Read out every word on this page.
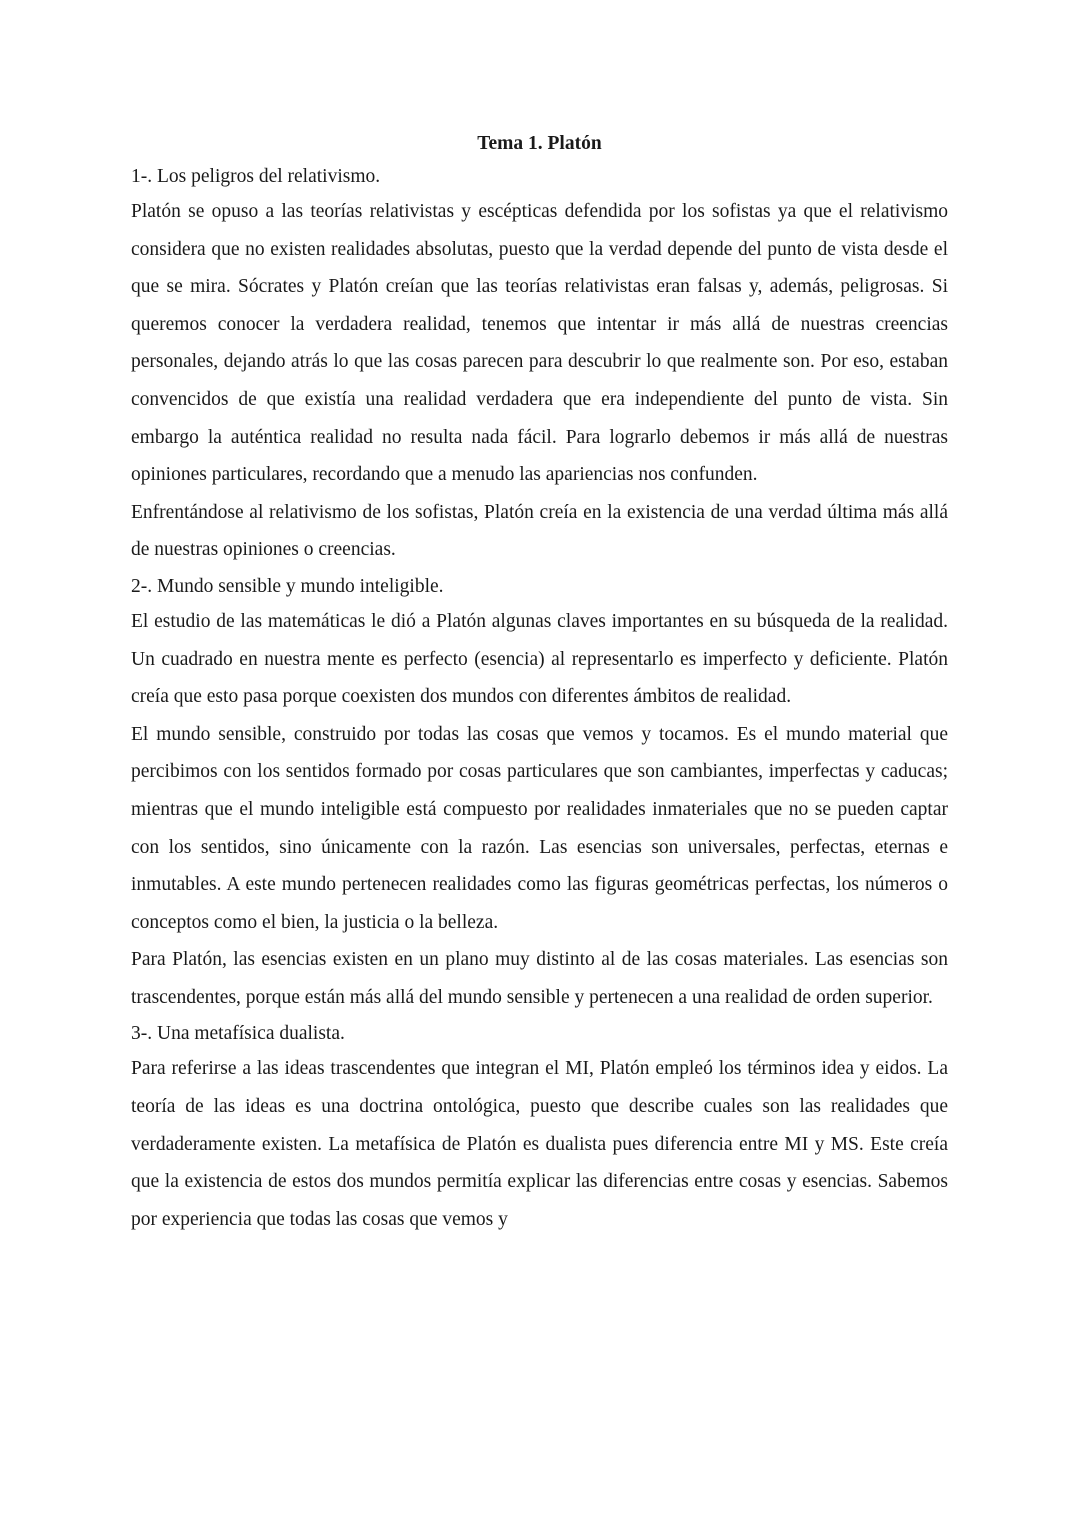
Tema 1. Platón

1-. Los peligros del relativismo.

Platón se opuso a las teorías relativistas y escépticas defendida por los sofistas ya que el relativismo considera que no existen realidades absolutas, puesto que la verdad depende del punto de vista desde el que se mira. Sócrates y Platón creían que las teorías relativistas eran falsas y, además, peligrosas. Si queremos conocer la verdadera realidad, tenemos que intentar ir más allá de nuestras creencias personales, dejando atrás lo que las cosas parecen para descubrir lo que realmente son. Por eso, estaban convencidos de que existía una realidad verdadera que era independiente del punto de vista. Sin embargo la auténtica realidad no resulta nada fácil. Para lograrlo debemos ir más allá de nuestras opiniones particulares, recordando que a menudo las apariencias nos confunden.

Enfrentándose al relativismo de los sofistas, Platón creía en la existencia de una verdad última más allá de nuestras opiniones o creencias.

2-. Mundo sensible y mundo inteligible.

El estudio de las matemáticas le dió a Platón algunas claves importantes en su búsqueda de la realidad. Un cuadrado en nuestra mente es perfecto (esencia) al representarlo es imperfecto y deficiente. Platón creía que esto pasa porque coexisten dos mundos con diferentes ámbitos de realidad.

El mundo sensible, construido por todas las cosas que vemos y tocamos. Es el mundo material que percibimos con los sentidos formado por cosas particulares que son cambiantes, imperfectas y caducas; mientras que el mundo inteligible está compuesto por realidades inmateriales que no se pueden captar con los sentidos, sino únicamente con la razón. Las esencias son universales, perfectas, eternas e inmutables. A este mundo pertenecen realidades como las figuras geométricas perfectas, los números o conceptos como el bien, la justicia o la belleza.

Para Platón, las esencias existen en un plano muy distinto al de las cosas materiales. Las esencias son trascendentes, porque están más allá del mundo sensible y pertenecen a una realidad de orden superior.

3-. Una metafísica dualista.

Para referirse a las ideas trascendentes que integran el MI, Platón empleó los términos idea y eidos. La teoría de las ideas es una doctrina ontológica, puesto que describe cuales son las realidades que verdaderamente existen. La metafísica de Platón es dualista pues diferencia entre MI y MS. Este creía que la existencia de estos dos mundos permitía explicar las diferencias entre cosas y esencias. Sabemos por experiencia que todas las cosas que vemos y
